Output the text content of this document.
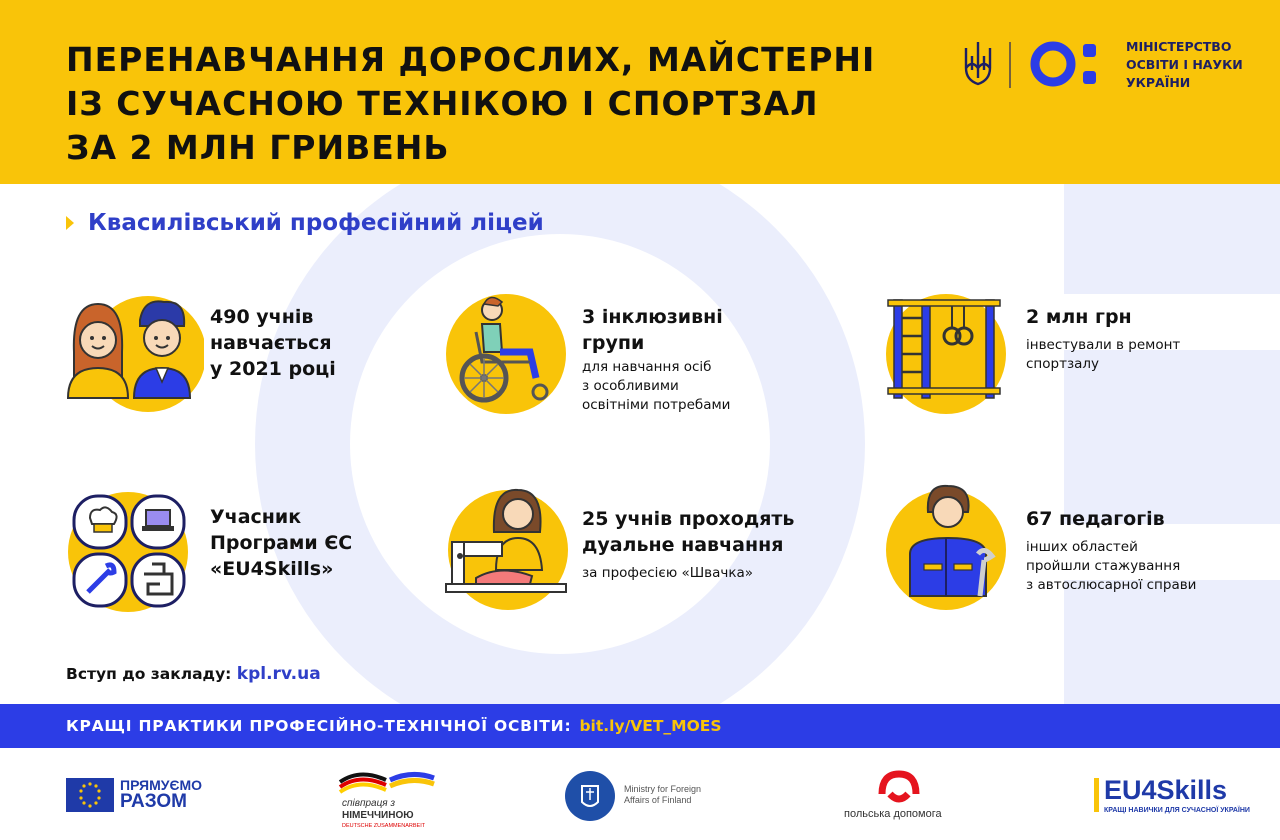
ПЕРЕНАВЧАННЯ ДОРОСЛИХ, МАЙСТЕРНІ
ІЗ СУЧАСНОЮ ТЕХНІКОЮ І СПОРТЗАЛ
ЗА 2 МЛН ГРИВЕНЬ
МІНІСТЕРСТВО
ОСВІТИ І НАУКИ
УКРАЇНИ
Квасилівський професійний ліцей
490 учнів
навчається
у 2021 році
3 інклюзивні
групи
для навчання осіб
з особливими
освітніми потребами
2 млн грн
інвестували в ремонт
спортзалу
Учасник
Програми ЄС
«EU4Skills»
25 учнів проходять
дуальне навчання
за професією «Швачка»
67 педагогів
інших областей
пройшли стажування
з автослюсарної справи
Вступ до закладу: kpl.rv.ua
КРАЩІ ПРАКТИКИ ПРОФЕСІЙНО-ТЕХНІЧНОЇ ОСВІТИ: bit.ly/VET_MOES
ПРЯМУЄМО
РАЗОМ	співпраця з
НІМЕЧЧИНОЮ
DEUTSCHE ZUSAMMENARBEIT
Ministry for Foreign
Affairs of Finland
польська допомога
EU4Skills
КРАЩІ НАВИЧКИ ДЛЯ СУЧАСНОЇ УКРАЇНИ
